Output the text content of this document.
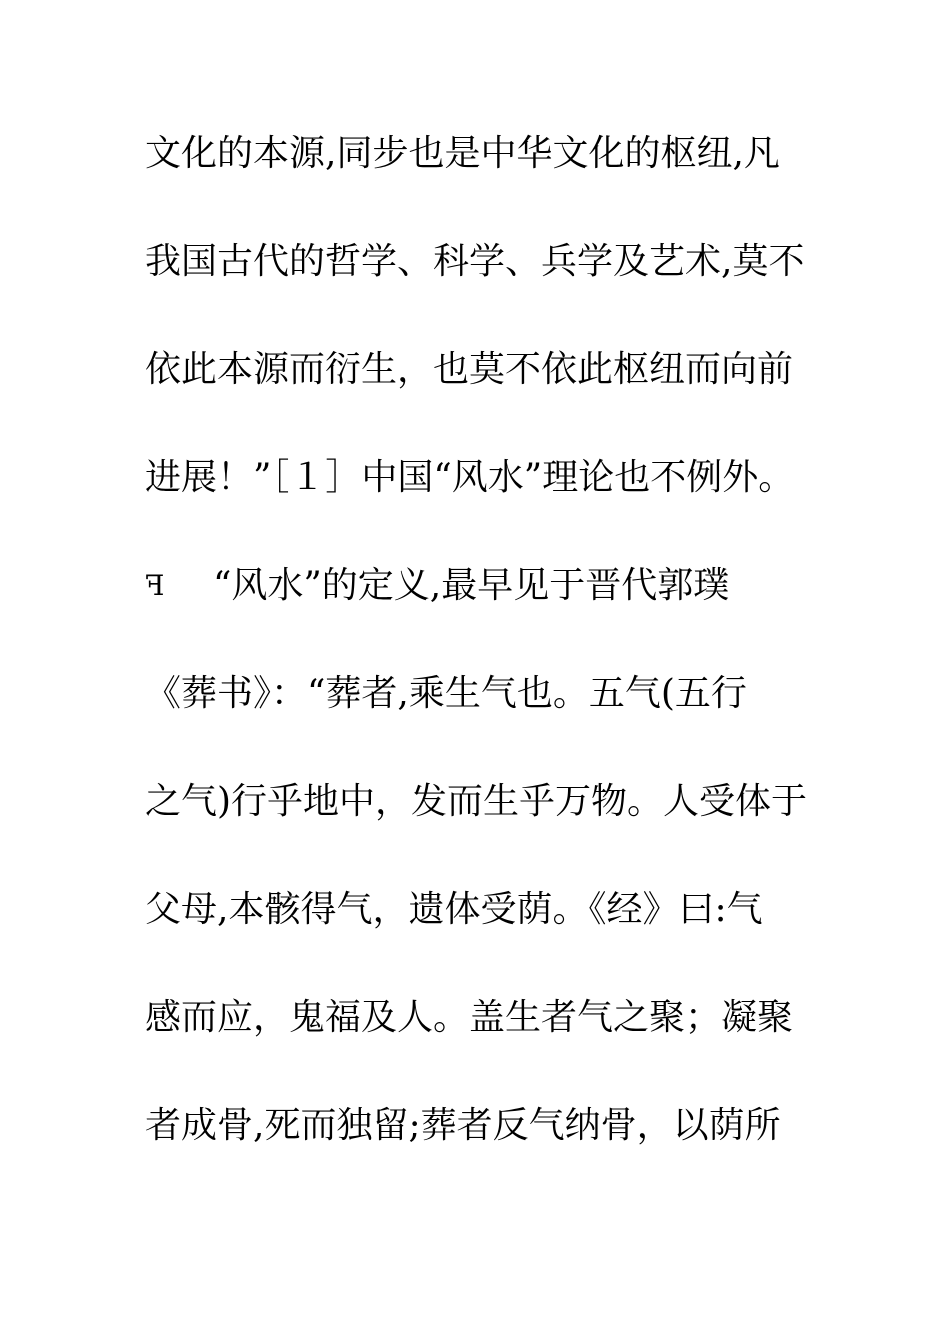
文化的本源,同步也是中华文化的枢纽,凡
我国古代的哲学、科学、兵学及艺术,莫不
依此本源而衍生，也莫不依此枢纽而向前
进展！”［１］中国“风水”理论也不例外。
ꟻ “风水”的定义,最早见于晋代郭璞
《葬书》：“葬者,乘生气也。五气(五行
之气)行乎地中，发而生乎万物。人受体于
父母,本骸得气，遗体受荫。《经》曰:气
感而应，鬼福及人。盖生者气之聚；凝聚
者成骨,死而独留;葬者反气纳骨，以荫所
